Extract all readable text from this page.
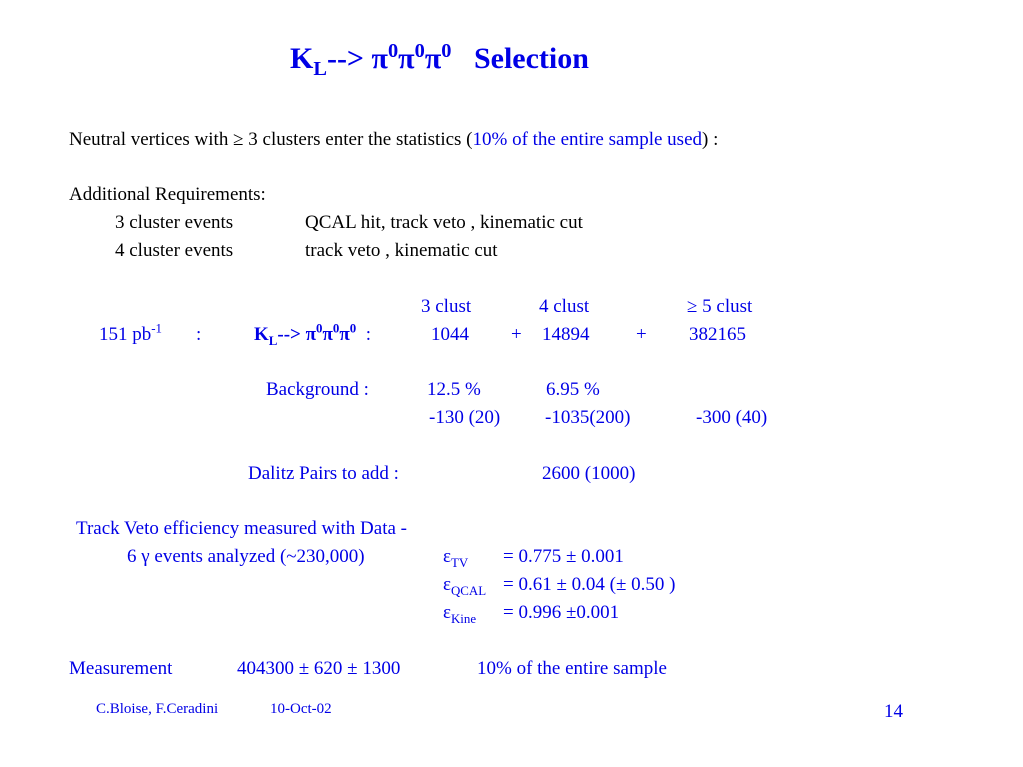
$K_L--> \pi^0\pi^0\pi^0$ Selection
Neutral vertices with ≥ 3 clusters enter the statistics (10% of the entire sample used) :
Additional Requirements:
3 cluster events	QCAL hit, track veto , kinematic cut
4 cluster events	track veto , kinematic cut
3 clust	4 clust	≥ 5 clust
151 $pb^{-1}$ :	$K_L--> \pi^0\pi^0\pi^0$ :	1044 + 14894 + 382165
Background :	12.5 %	6.95 %
-130 (20) -1035(200)	-300 (40)
Dalitz Pairs to add :	2600 (1000)
Track Veto efficiency measured with Data -
6 γ events analyzed (~230,000)	$\varepsilon_{TV} = 0.775 \pm 0.001$
$\varepsilon_{QCAL} = 0.61 \pm 0.04$ (± 0.50 )
$\varepsilon_{Kine} = 0.996 \pm 0.001$
Measurement	404300 ± 620 ± 1300	10% of the entire sample
C.Bloise, F.Ceradini	10-Oct-02	14
